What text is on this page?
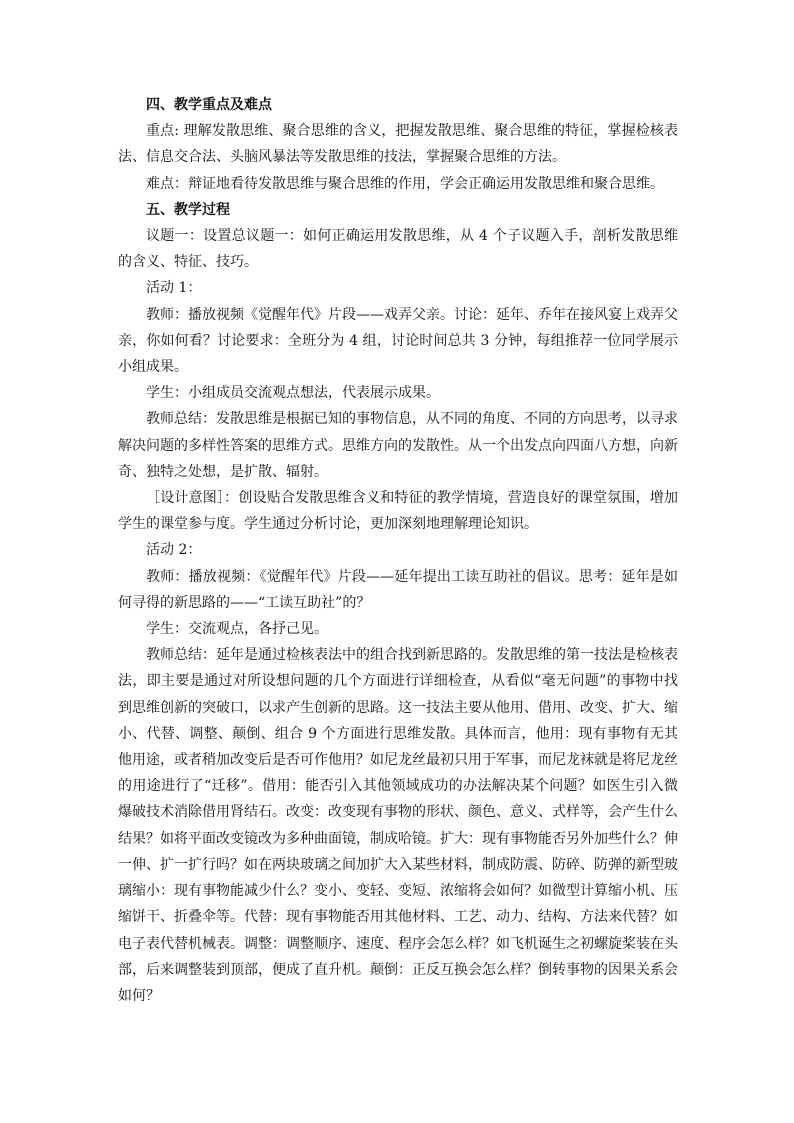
四、教学重点及难点

重点: 理解发散思维、聚合思维的含义，把握发散思维、聚合思维的特征，掌握检核表法、信息交合法、头脑风暴法等发散思维的技法，掌握聚合思维的方法。

难点：辩证地看待发散思维与聚合思维的作用，学会正确运用发散思维和聚合思维。

五、教学过程

议题一：设置总议题一：如何正确运用发散思维，从 4 个子议题入手，剖析发散思维的含义、特征、技巧。

活动 1：

教师：播放视频《觉醒年代》片段——戏弄父亲。讨论：延年、乔年在接风宴上戏弄父亲，你如何看？讨论要求：全班分为 4 组，讨论时间总共 3 分钟，每组推荐一位同学展示小组成果。

学生：小组成员交流观点想法，代表展示成果。

教师总结：发散思维是根据已知的事物信息，从不同的角度、不同的方向思考，以寻求解决问题的多样性答案的思维方式。思维方向的发散性。从一个出发点向四面八方想，向新奇、独特之处想，是扩散、辐射。

［设计意图］：创设贴合发散思维含义和特征的教学情境，营造良好的课堂氛围，增加学生的课堂参与度。学生通过分析讨论，更加深刻地理解理论知识。

活动 2：

教师：播放视频：《觉醒年代》片段——延年提出工读互助社的倡议。思考：延年是如何寻得的新思路的——“工读互助社”的？

学生：交流观点，各抒己见。

教师总结：延年是通过检核表法中的组合找到新思路的。发散思维的第一技法是检核表法，即主要是通过对所设想问题的几个方面进行详细检查，从看似“毫无问题”的事物中找到思维创新的突破口，以求产生创新的思路。这一技法主要从他用、借用、改变、扩大、缩小、代替、调整、颠倒、组合 9 个方面进行思维发散。具体而言，他用：现有事物有无其他用途，或者稍加改变后是否可作他用？如尼龙丝最初只用于军事，而尼龙袜就是将尼龙丝的用途进行了“迁移”。借用：能否引入其他领域成功的办法解决某个问题？如医生引入微爆破技术消除借用肾结石。改变：改变现有事物的形状、颜色、意义、式样等，会产生什么结果？如将平面改变镜改为多种曲面镜，制成哈镜。扩大：现有事物能否另外加些什么？伸一伸、扩一扩行吗？如在两块玻璃之间加扩大入某些材料，制成防震、防碎、防弹的新型玻璃缩小：现有事物能减少什么？变小、变轻、变短、浓缩将会如何？如微型计算缩小机、压缩饼干、折叠伞等。代替：现有事物能否用其他材料、工艺、动力、结构、方法来代替？如电子表代替机械表。调整：调整顺序、速度、程序会怎么样？如飞机诞生之初螺旋桨装在头部，后来调整装到顶部，便成了直升机。颠倒：正反互换会怎么样？倒转事物的因果关系会如何？
